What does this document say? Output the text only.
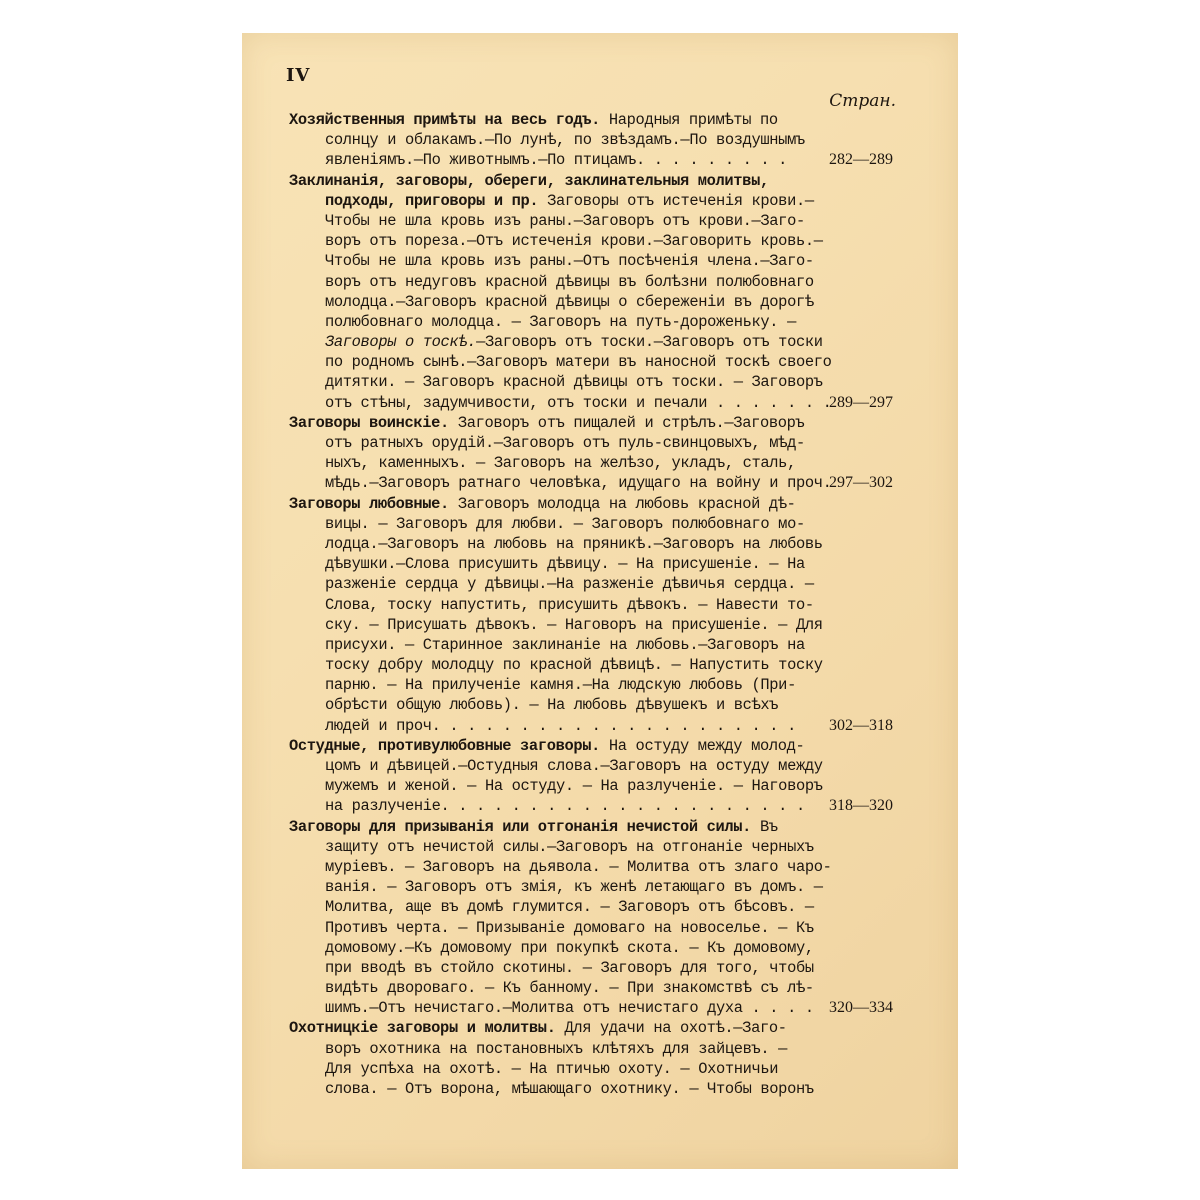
IV
Стран.
Хозяйственныя примѣты на весь годъ. Народныя примѣты по
солнцу и облакамъ.—По лунѣ, по звѣздамъ.—По воздушнымъ
явленіямъ.—По животнымъ.—По птицамъ. . . . . . . . .	282—289
Заклинанія, заговоры, обереги, заклинательныя молитвы,
подходы, приговоры и пр. Заговоры отъ истеченія крови.—
Чтобы не шла кровь изъ раны.—Заговоръ отъ крови.—Заго-
воръ отъ пореза.—Отъ истеченія крови.—Заговорить кровь.—
Чтобы не шла кровь изъ раны.—Отъ посѣченія члена.—Заго-
воръ отъ недуговъ красной дѣвицы въ болѣзни полюбовнаго
молодца.—Заговоръ красной дѣвицы о сбереженіи въ дорогѣ
полюбовнаго молодца. — Заговоръ на путь-дороженьку. —
Заговоры о тоскѣ.—Заговоръ отъ тоски.—Заговоръ отъ тоски
по родномъ сынѣ.—Заговоръ матери въ наносной тоскѣ своего
дитятки. — Заговоръ красной дѣвицы отъ тоски. — Заговоръ
отъ стѣны, задумчивости, отъ тоски и печали . . . . . . .
289—297
Заговоры воинскіе. Заговоръ отъ пищалей и стрѣлъ.—Заговоръ
отъ ратныхъ орудій.—Заговоръ отъ пуль-свинцовыхъ, мѣд-
ныхъ, каменныхъ. — Заговоръ на желѣзо, укладъ, сталь,
мѣдь.—Заговоръ ратнаго человѣка, идущаго на войну и проч.
297—302
Заговоры любовные. Заговоръ молодца на любовь красной дѣ-
вицы. — Заговоръ для любви. — Заговоръ полюбовнаго мо-
лодца.—Заговоръ на любовь на пряникѣ.—Заговоръ на любовь
дѣвушки.—Слова присушить дѣвицу. — На присушеніе. — На
разженіе сердца у дѣвицы.—На разженіе дѣвичья сердца. —
Слова, тоску напустить, присушить дѣвокъ. — Навести то-
ску. — Присушать дѣвокъ. — Наговоръ на присушеніе. — Для
присухи. — Старинное заклинаніе на любовь.—Заговоръ на
тоску добру молодцу по красной дѣвицѣ. — Напустить тоску
парню. — На прилученіе камня.—На людскую любовь (При-
обрѣсти общую любовь). — На любовь дѣвушекъ и всѣхъ
людей и проч. . . . . . . . . . . . . . . . . . . . . 302—318
Остудные, противулюбовные заговоры. На остуду между молод-
цомъ и дѣвицей.—Остудныя слова.—Заговоръ на остуду между
мужемъ и женой. — На остуду. — На разлученіе. — Наговоръ
на разлученіе. . . . . . . . . . . . . . . . . . . . . 318—320
Заговоры для призыванія или отгонанія нечистой силы. Въ
защиту отъ нечистой силы.—Заговоръ на отгонаніе черныхъ
муріевъ. — Заговоръ на дьявола. — Молитва отъ злаго чаро-
ванія. — Заговоръ отъ змія, къ женѣ летающаго въ домъ. —
Молитва, аще въ домѣ глумится. — Заговоръ отъ бѣсовъ. —
Противъ черта. — Призываніе домоваго на новоселье. — Къ
домовому.—Къ домовому при покупкѣ скота. — Къ домовому,
при вводѣ въ стойло скотины. — Заговоръ для того, чтобы
видѣть двороваго. — Къ банному. — При знакомствѣ съ лѣ-
шимъ.—Отъ нечистаго.—Молитва отъ нечистаго духа . . . . 320—334
Охотницкіе заговоры и молитвы. Для удачи на охотѣ.—Заго-
воръ охотника на постановныхъ клѣтяхъ для зайцевъ. —
Для успѣха на охотѣ. — На птичью охоту. — Охотничьи
слова. — Отъ ворона, мѣшающаго охотнику. — Чтобы воронъ
